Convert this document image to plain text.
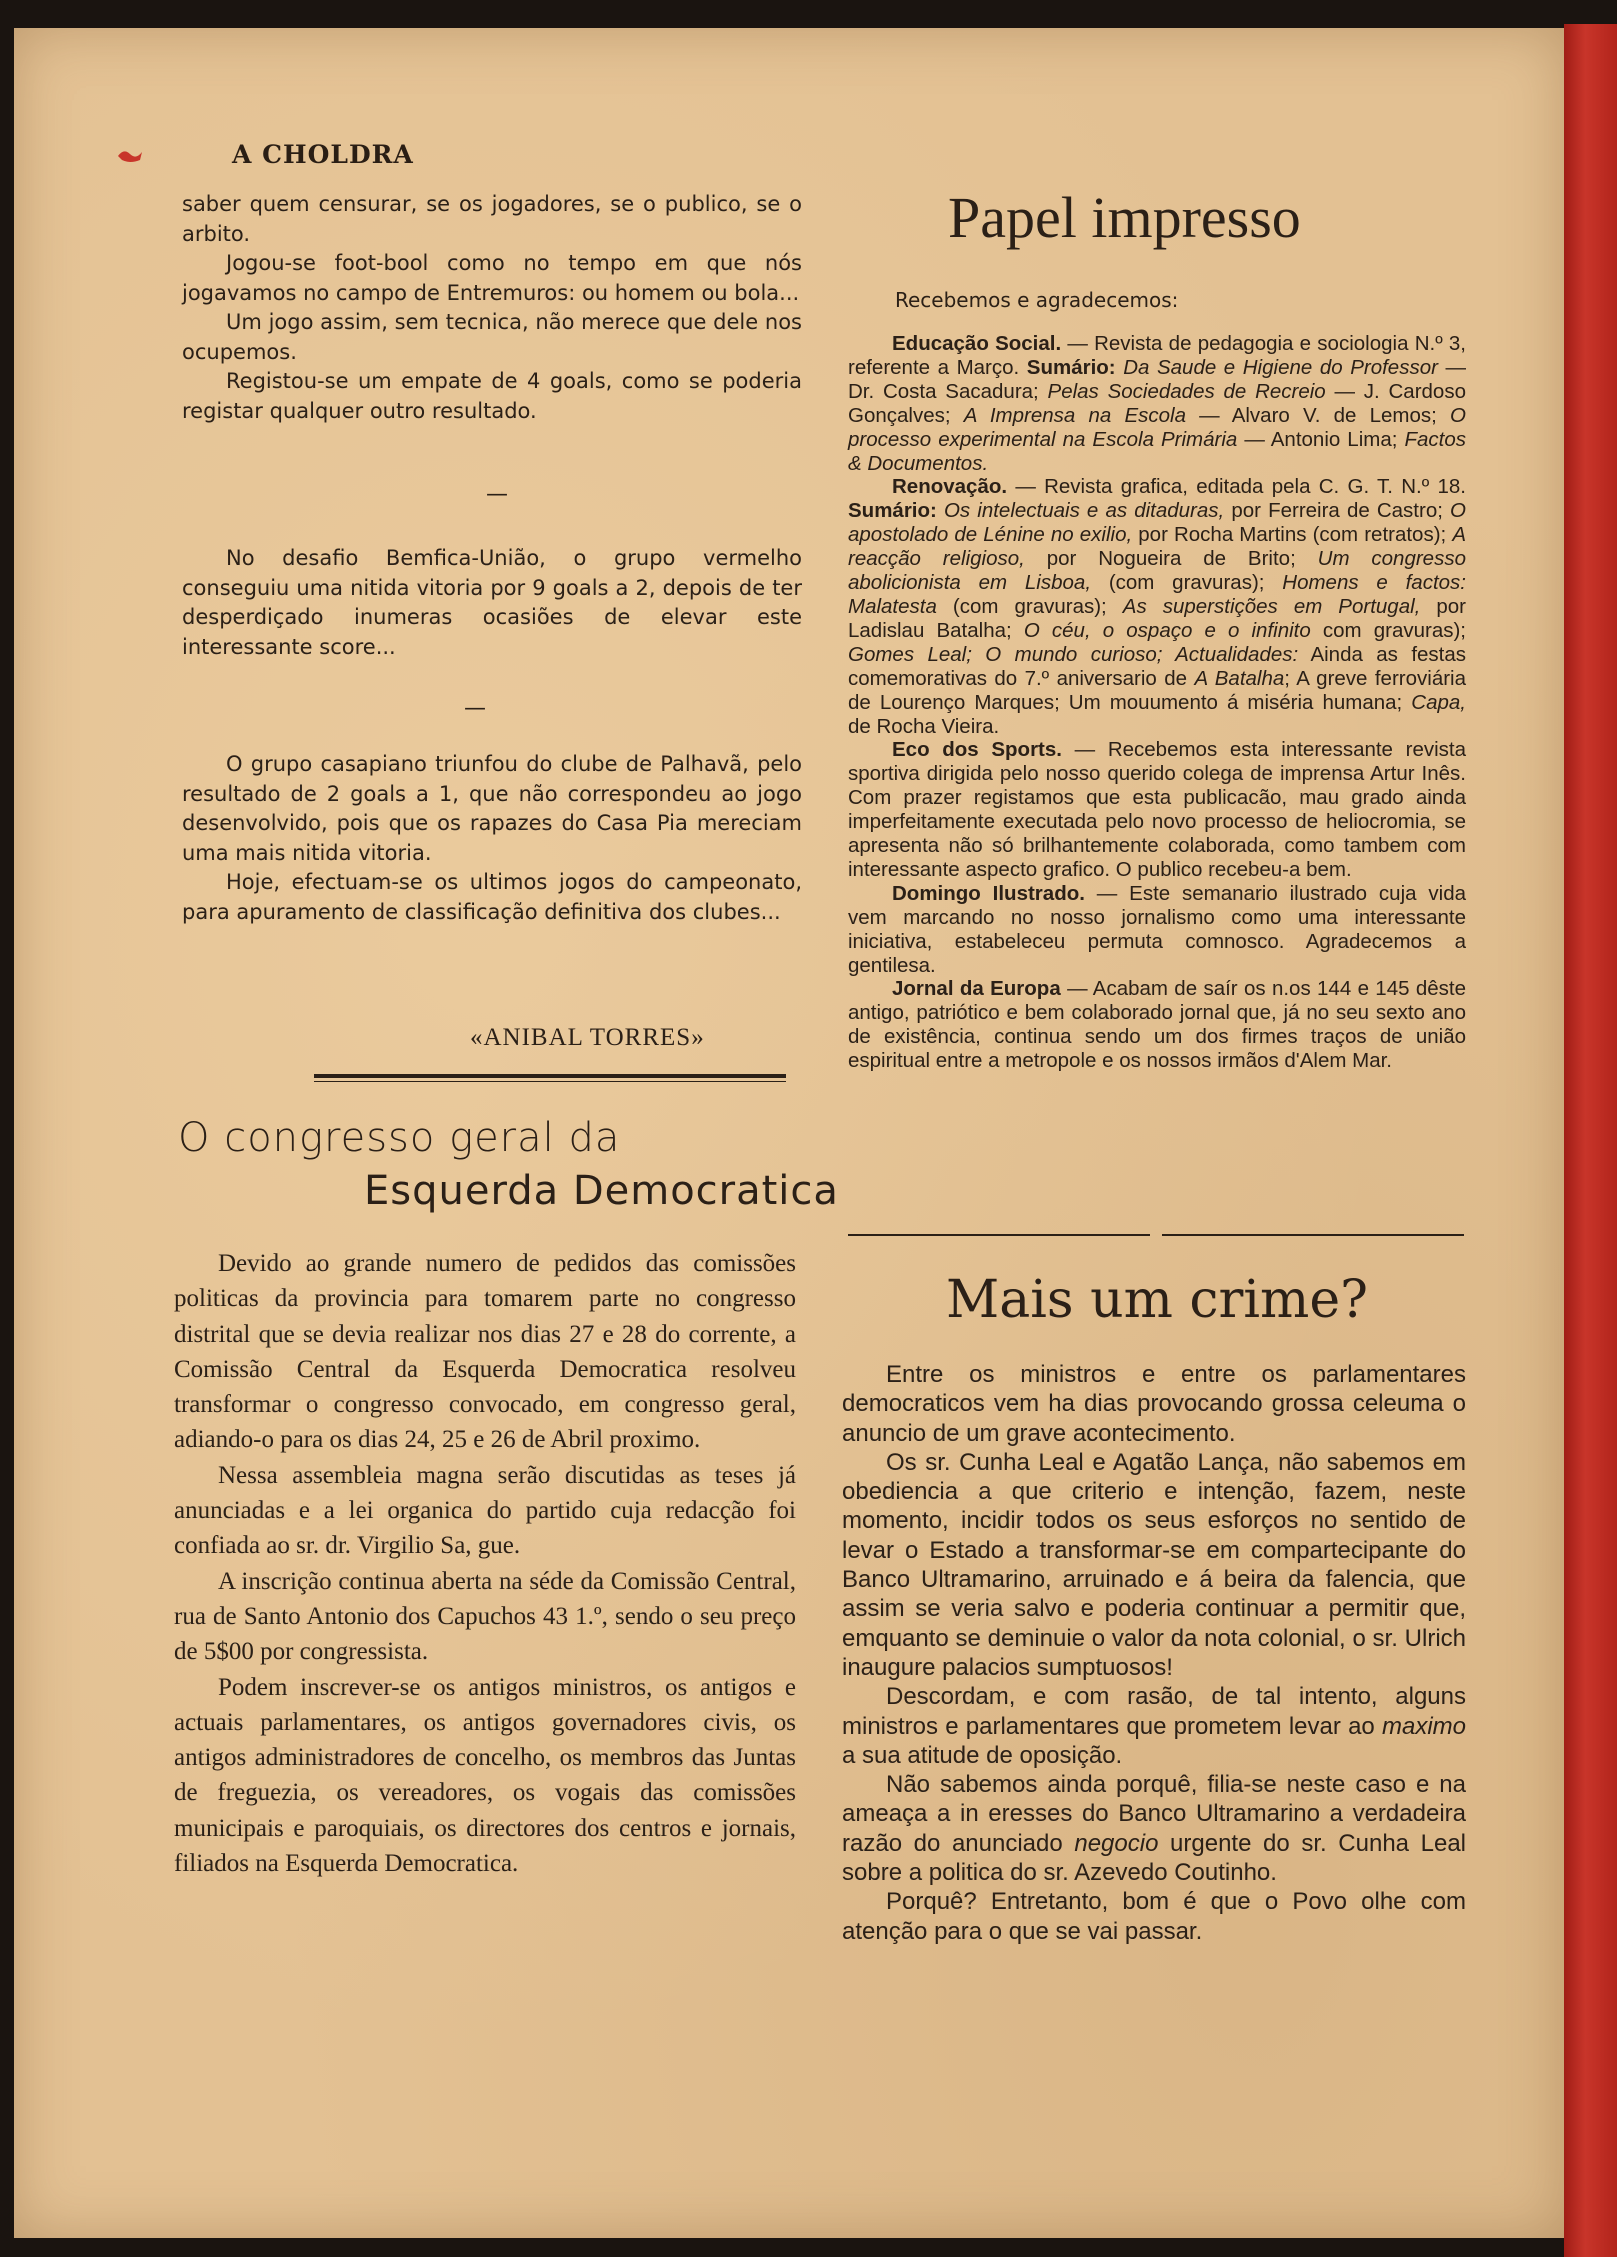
A CHOLDRA

saber quem censurar, se os jogadores, se o publico, se o arbito.

Jogou-se foot-bool como no tempo em que nós jogavamos no campo de Entremuros: ou homem ou bola...

Um jogo assim, sem tecnica, não merece que dele nos ocupemos.

Registou-se um empate de 4 goals, como se poderia registar qualquer outro resultado.

—

No desafio Bemfica-União, o grupo vermelho conseguiu uma nitida vitoria por 9 goals a 2, depois de ter desperdiçado inumeras ocasiões de elevar este interessante score...

—

O grupo casapiano triunfou do clube de Palhavã, pelo resultado de 2 goals a 1, que não correspondeu ao jogo desenvolvido, pois que os rapazes do Casa Pia mereciam uma mais nitida vitoria.

Hoje, efectuam-se os ultimos jogos do campeonato, para apuramento de classificação definitiva dos clubes...

«ANIBAL TORRES»
O congresso geral da
Esquerda Democratica

Devido ao grande numero de pedidos das comissões politicas da provincia para tomarem parte no congresso distrital que se devia realizar nos dias 27 e 28 do corrente, a Comissão Central da Esquerda Democratica resolveu transformar o congresso convocado, em congresso geral, adiando-o para os dias 24, 25 e 26 de Abril proximo.

Nessa assembleia magna serão discutidas as teses já anunciadas e a lei organica do partido cuja redacção foi confiada ao sr. dr. Virgilio Sa, gue.

A inscrição continua aberta na séde da Comissão Central, rua de Santo Antonio dos Capuchos 43 1.º, sendo o seu preço de 5$00 por congressista.

Podem inscrever-se os antigos ministros, os antigos e actuais parlamentares, os antigos governadores civis, os antigos administradores de concelho, os membros das Juntas de freguezia, os vereadores, os vogais das comissões municipais e paroquiais, os directores dos centros e jornais, filiados na Esquerda Democratica.

Papel impresso
Recebemos e agradecemos:

Educação Social. — Revista de pedagogia e sociologia N.º 3, referente a Março. Sumário: Da Saude e Higiene do Professor — Dr. Costa Sacadura; Pelas Sociedades de Recreio — J. Cardoso Gonçalves; A Imprensa na Escola — Alvaro V. de Lemos; O processo experimental na Escola Primária — Antonio Lima; Factos & Documentos.

Renovação. — Revista grafica, editada pela C. G. T. N.º 18. Sumário: Os intelectuais e as ditaduras, por Ferreira de Castro; O apostolado de Lénine no exilio, por Rocha Martins (com retratos); A reacção religioso, por Nogueira de Brito; Um congresso abolicionista em Lisboa, (com gravuras); Homens e factos: Malatesta (com gravuras); As superstições em Portugal, por Ladislau Batalha; O céu, o ospaço e o infinito com gravuras); Gomes Leal; O mundo curioso; Actualidades: Ainda as festas comemorativas do 7.º aniversario de A Batalha; A greve ferroviária de Lourenço Marques; Um mouumento á miséria humana; Capa, de Rocha Vieira.

Eco dos Sports. — Recebemos esta interessante revista sportiva dirigida pelo nosso querido colega de imprensa Artur Inês. Com prazer registamos que esta publicacão, mau grado ainda imperfeitamente executada pelo novo processo de heliocromia, se apresenta não só brilhantemente colaborada, como tambem com interessante aspecto grafico. O publico recebeu-a bem.

Domingo Ilustrado. — Este semanario ilustrado cuja vida vem marcando no nosso jornalismo como uma interessante iniciativa, estabeleceu permuta comnosco. Agradecemos a gentilesa.

Jornal da Europa — Acabam de saír os n.os 144 e 145 dêste antigo, patriótico e bem colaborado jornal que, já no seu sexto ano de existência, continua sendo um dos firmes traços de união espiritual entre a metropole e os nossos irmãos d'Alem Mar.

Mais um crime?

Entre os ministros e entre os parlamentares democraticos vem ha dias provocando grossa celeuma o anuncio de um grave acontecimento.

Os sr. Cunha Leal e Agatão Lança, não sabemos em obediencia a que criterio e intenção, fazem, neste momento, incidir todos os seus esforços no sentido de levar o Estado a transformar-se em compartecipante do Banco Ultramarino, arruinado e á beira da falencia, que assim se veria salvo e poderia continuar a permitir que, emquanto se deminuie o valor da nota colonial, o sr. Ulrich inaugure palacios sumptuosos!

Descordam, e com rasão, de tal intento, alguns ministros e parlamentares que prometem levar ao maximo a sua atitude de oposição.

Não sabemos ainda porquê, filia-se neste caso e na ameaça a in eresses do Banco Ultramarino a verdadeira razão do anunciado negocio urgente do sr. Cunha Leal sobre a politica do sr. Azevedo Coutinho.

Porquê? Entretanto, bom é que o Povo olhe com atenção para o que se vai passar.
